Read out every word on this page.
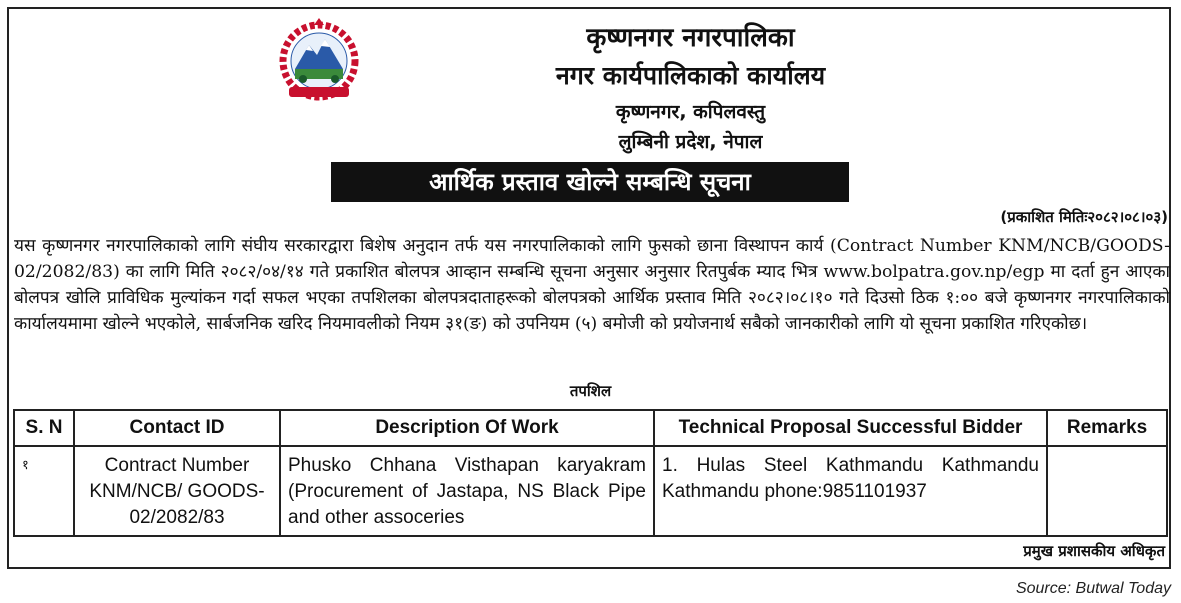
कृष्णनगर नगरपालिका
नगर कार्यपालिकाको कार्यालय
कृष्णनगर, कपिलवस्तु
लुम्बिनी प्रदेश, नेपाल
आर्थिक प्रस्ताव खोल्ने सम्बन्धि सूचना
(प्रकाशित मितिः२०८२।०८।०३)
यस कृष्णनगर नगरपालिकाको लागि संघीय सरकारद्वारा बिशेष अनुदान तर्फ यस नगरपालिकाको लागि फुसको छाना विस्थापन कार्य (Contract Number KNM/NCB/GOODS-02/2082/83) का लागि मिति २०८२/०४/१४ गते प्रकाशित बोलपत्र आव्हान सम्बन्धि सूचना अनुसार अनुसार रितपुर्बक म्याद भित्र www.bolpatra.gov.np/egp मा दर्ता हुन आएका बोलपत्र खोलि प्राविधिक मुल्यांकन गर्दा सफल भएका तपशिलका बोलपत्रदाताहरूको बोलपत्रको आर्थिक प्रस्ताव मिति २०८२।०८।१० गते दिउसो ठिक १:०० बजे कृष्णनगर नगरपालिकाको कार्यालयमामा खोल्ने भएकोले, सार्बजनिक खरिद नियमावलीको नियम ३१(ङ) को उपनियम (५) बमोजी को प्रयोजनार्थ सबैको जानकारीको लागि यो सूचना प्रकाशित गरिएकोछ।
तपशिल
S. N	Contact ID	Description Of Work	Technical Proposal Successful Bidder	Remarks
१	Contract Number KNM/NCB/ GOODS-02/2082/83	Phusko Chhana Visthapan karyakram (Procurement of Jastapa, NS Black Pipe and other assoceries	1. Hulas Steel Kathmandu Kathmandu Kathmandu phone:9851101937	
प्रमुख प्रशासकीय अधिकृत
Source: Butwal Today
